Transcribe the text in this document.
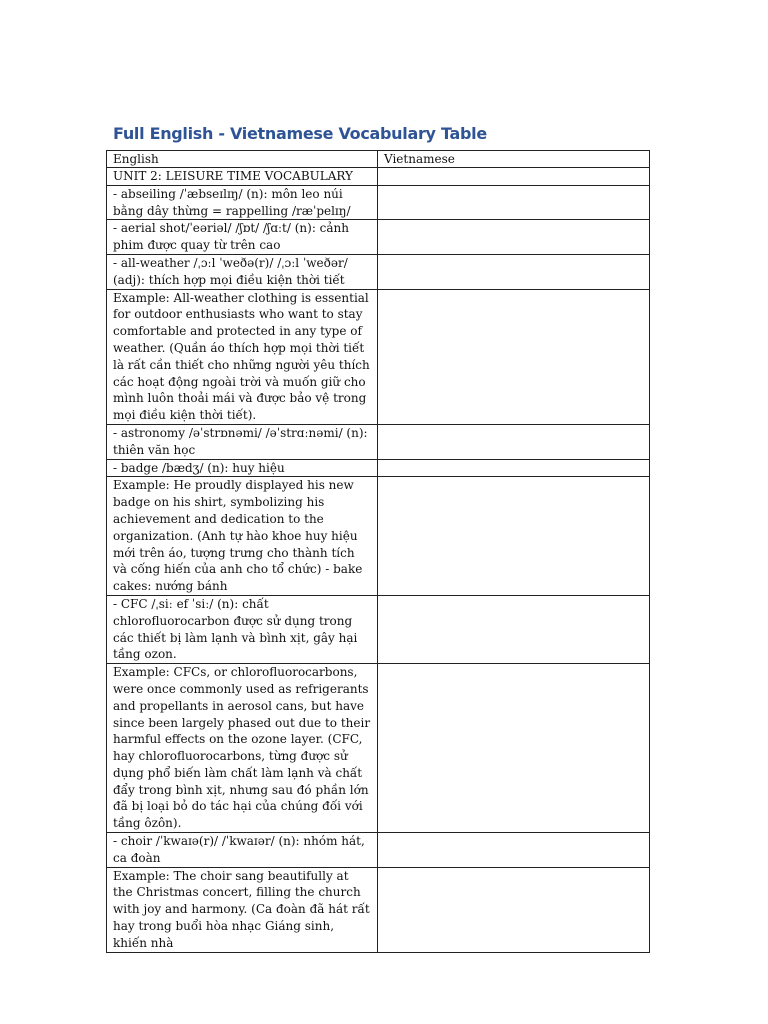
Full English - Vietnamese Vocabulary Table
English	Vietnamese
UNIT 2: LEISURE TIME VOCABULARY	
- abseiling /ˈæbseɪlɪŋ/ (n): môn leo núi bằng dây thừng = rappelling /ræˈpelɪŋ/	
- aerial shot/ˈeəriəl/ /ʃɒt/ /ʃɑːt/ (n): cảnh phim được quay từ trên cao	
- all-weather /ˌɔːl ˈweðə(r)/ /ˌɔːl ˈweðər/ (adj): thích hợp mọi điều kiện thời tiết	
Example: All-weather clothing is essential for outdoor enthusiasts who want to stay comfortable and protected in any type of weather. (Quần áo thích hợp mọi thời tiết là rất cần thiết cho những người yêu thích các hoạt động ngoài trời và muốn giữ cho mình luôn thoải mái và được bảo vệ trong mọi điều kiện thời tiết).	
- astronomy /əˈstrɒnəmi/ /əˈstrɑːnəmi/ (n): thiên văn học	
- badge /bædʒ/ (n): huy hiệu	
Example: He proudly displayed his new badge on his shirt, symbolizing his achievement and dedication to the organization. (Anh tự hào khoe huy hiệu mới trên áo, tượng trưng cho thành tích và cống hiến của anh cho tổ chức) - bake cakes: nướng bánh	
- CFC /ˌsiː ef ˈsiː/ (n): chất chlorofluorocarbon được sử dụng trong các thiết bị làm lạnh và bình xịt, gây hại tầng ozon.	
Example: CFCs, or chlorofluorocarbons, were once commonly used as refrigerants and propellants in aerosol cans, but have since been largely phased out due to their harmful effects on the ozone layer. (CFC, hay chlorofluorocarbons, từng được sử dụng phổ biến làm chất làm lạnh và chất đẩy trong bình xịt, nhưng sau đó phần lớn đã bị loại bỏ do tác hại của chúng đối với tầng ôzôn).	
- choir /ˈkwaɪə(r)/ /ˈkwaɪər/ (n): nhóm hát, ca đoàn	
Example: The choir sang beautifully at the Christmas concert, filling the church with joy and harmony. (Ca đoàn đã hát rất hay trong buổi hòa nhạc Giáng sinh, khiến nhà	
